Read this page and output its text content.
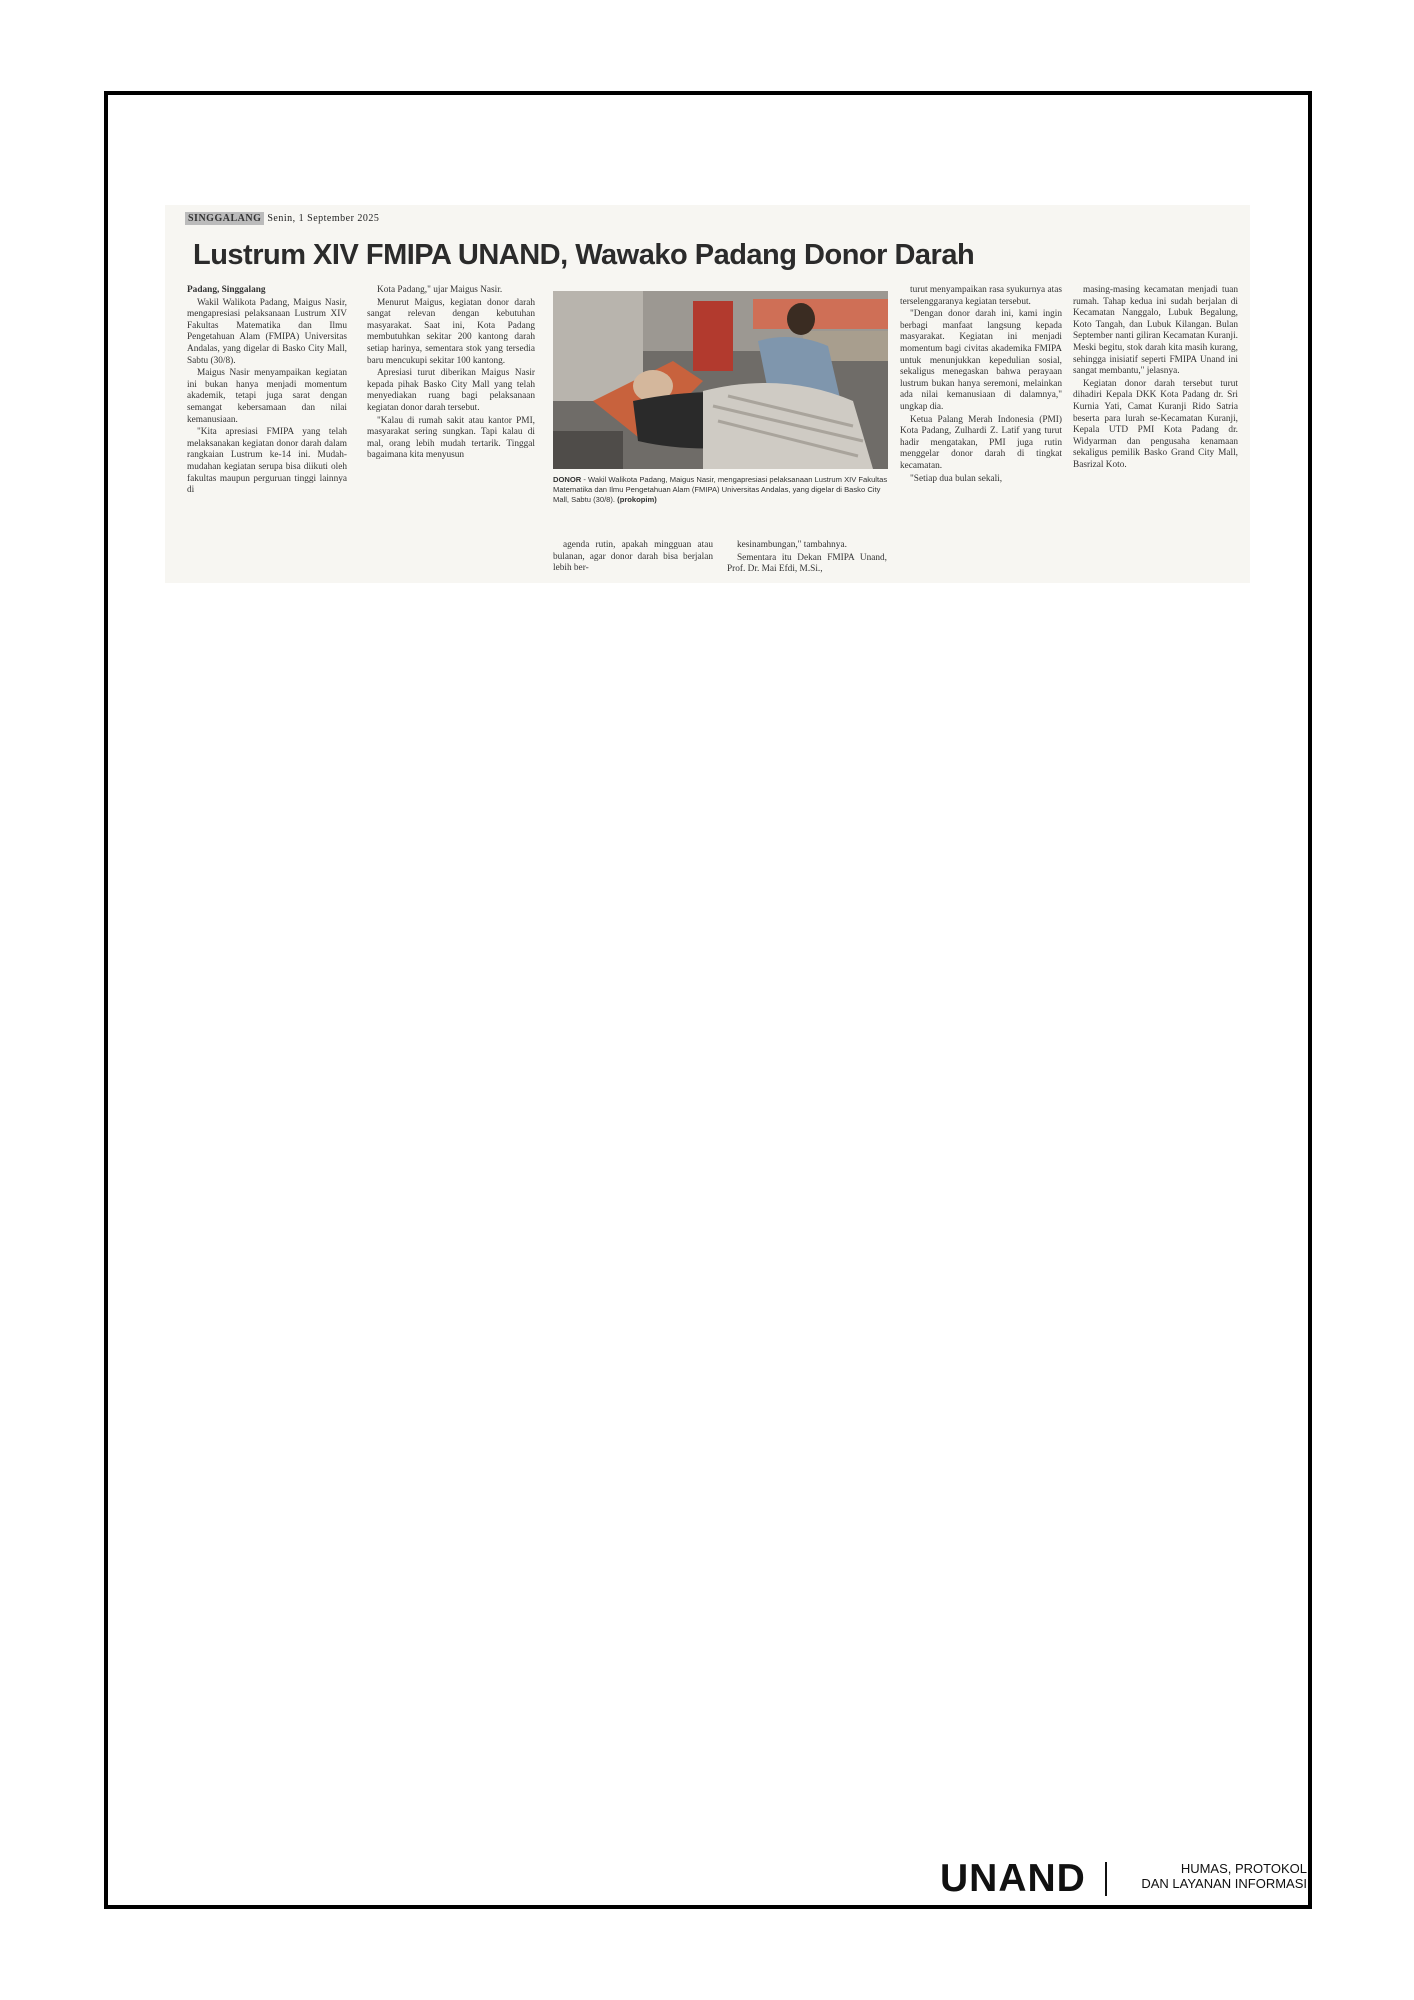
SINGGALANG Senin, 1 September 2025
Lustrum XIV FMIPA UNAND, Wawako Padang Donor Darah

Padang, Singgalang

Wakil Walikota Padang, Maigus Nasir, mengapresiasi pelaksanaan Lustrum XIV Fakultas Matematika dan Ilmu Pengetahuan Alam (FMIPA) Universitas Andalas, yang digelar di Basko City Mall, Sabtu (30/8).

Maigus Nasir menyampaikan kegiatan ini bukan hanya menjadi momentum akademik, tetapi juga sarat dengan semangat kebersamaan dan nilai kemanusiaan.

"Kita apresiasi FMIPA yang telah melaksanakan kegiatan donor darah dalam rangkaian Lustrum ke-14 ini. Mudah-mudahan kegiatan serupa bisa diikuti oleh fakultas maupun perguruan tinggi lainnya di

Kota Padang," ujar Maigus Nasir.

Menurut Maigus, kegiatan donor darah sangat relevan dengan kebutuhan masyarakat. Saat ini, Kota Padang membutuhkan sekitar 200 kantong darah setiap harinya, sementara stok yang tersedia baru mencukupi sekitar 100 kantong.

Apresiasi turut diberikan Maigus Nasir kepada pihak Basko City Mall yang telah menyediakan ruang bagi pelaksanaan kegiatan donor darah tersebut.

"Kalau di rumah sakit atau kantor PMI, masyarakat sering sungkan. Tapi kalau di mal, orang lebih mudah tertarik. Tinggal bagaimana kita menyusun

DONOR - Wakil Walikota Padang, Maigus Nasir, mengapresiasi pelaksanaan Lustrum XIV Fakultas Matematika dan Ilmu Pengetahuan Alam (FMIPA) Universitas Andalas, yang digelar di Basko City Mall, Sabtu (30/8). (prokopim)

agenda rutin, apakah mingguan atau bulanan, agar donor darah bisa berjalan lebih ber-

kesinambungan," tambahnya.

Sementara itu Dekan FMIPA Unand, Prof. Dr. Mai Efdi, M.Si.,

turut menyampaikan rasa syukurnya atas terselenggaranya kegiatan tersebut.

"Dengan donor darah ini, kami ingin berbagi manfaat langsung kepada masyarakat. Kegiatan ini menjadi momentum bagi civitas akademika FMIPA untuk menunjukkan kepedulian sosial, sekaligus menegaskan bahwa perayaan lustrum bukan hanya seremoni, melainkan ada nilai kemanusiaan di dalamnya," ungkap dia.

Ketua Palang Merah Indonesia (PMI) Kota Padang, Zulhardi Z. Latif yang turut hadir mengatakan, PMI juga rutin menggelar donor darah di tingkat kecamatan.

"Setiap dua bulan sekali,

masing-masing kecamatan menjadi tuan rumah. Tahap kedua ini sudah berjalan di Kecamatan Nanggalo, Lubuk Begalung, Koto Tangah, dan Lubuk Kilangan. Bulan September nanti giliran Kecamatan Kuranji. Meski begitu, stok darah kita masih kurang, sehingga inisiatif seperti FMIPA Unand ini sangat membantu," jelasnya.

Kegiatan donor darah tersebut turut dihadiri Kepala DKK Kota Padang dr. Sri Kurnia Yati, Camat Kuranji Rido Satria beserta para lurah se-Kecamatan Kuranji, Kepala UTD PMI Kota Padang dr. Widyarman dan pengusaha kenamaan sekaligus pemilik Basko Grand City Mall, Basrizal Koto.

UNAND	HUMAS, PROTOKOL
DAN LAYANAN INFORMASI
